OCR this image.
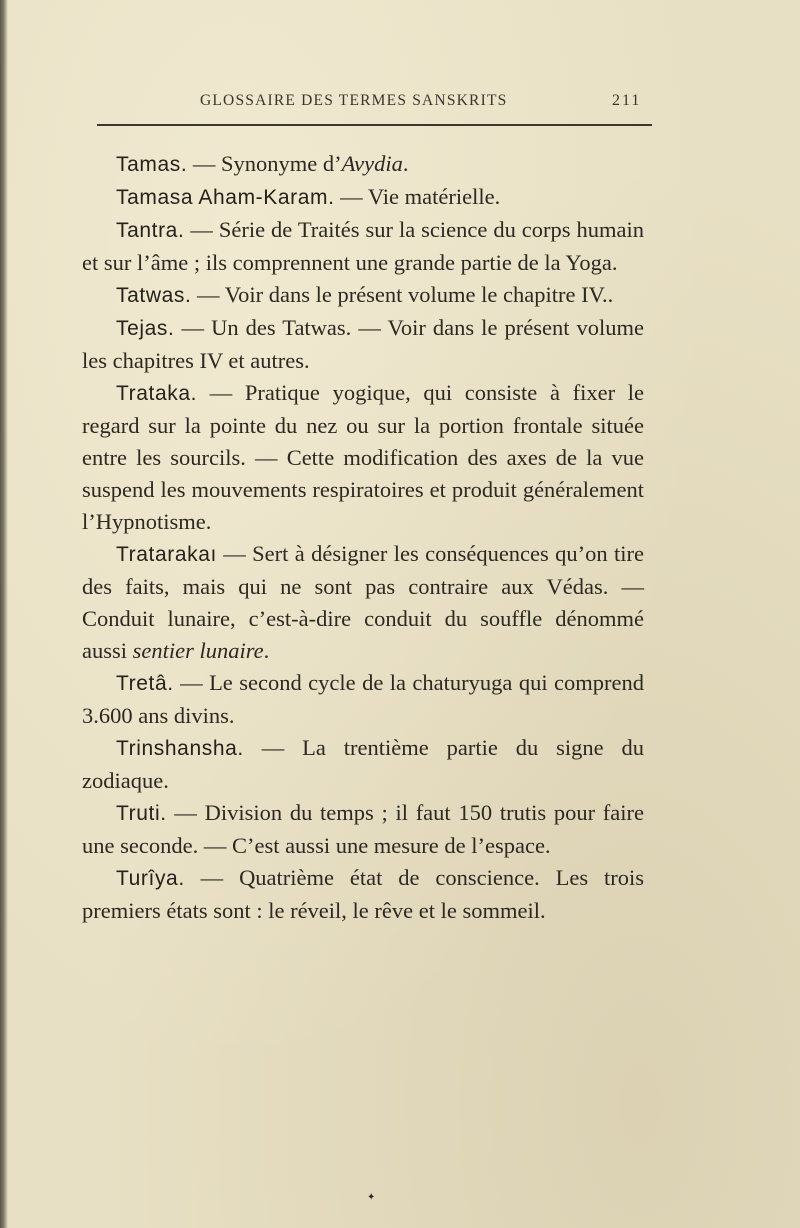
GLOSSAIRE DES TERMES SANSKRITS	211

Tamas. — Synonyme d’Avydia.

Tamasa Aham-Karam. — Vie matérielle.

Tantra. — Série de Traités sur la science du corps humain et sur l’âme ; ils comprennent une grande partie de la Yoga.

Tatwas. — Voir dans le présent volume le chapitre IV..

Tejas. — Un des Tatwas. — Voir dans le présent volume les chapitres IV et autres.

Trataka. — Pratique yogique, qui consiste à fixer le regard sur la pointe du nez ou sur la portion frontale située entre les sourcils. — Cette modification des axes de la vue suspend les mouvements respiratoires et produit généralement l’Hypnotisme.

Tratarakaı — Sert à désigner les conséquences qu’on tire des faits, mais qui ne sont pas contraire aux Védas. — Conduit lunaire, c’est-à-dire conduit du souffle dénommé aussi sentier lunaire.

Tretâ. — Le second cycle de la chaturyuga qui comprend 3.600 ans divins.

Trinshansha. — La trentième partie du signe du zodiaque.

Truti. — Division du temps ; il faut 150 trutis pour faire une seconde. — C’est aussi une mesure de l’espace.

Turîya. — Quatrième état de conscience. Les trois premiers états sont : le réveil, le rêve et le sommeil.

✦
